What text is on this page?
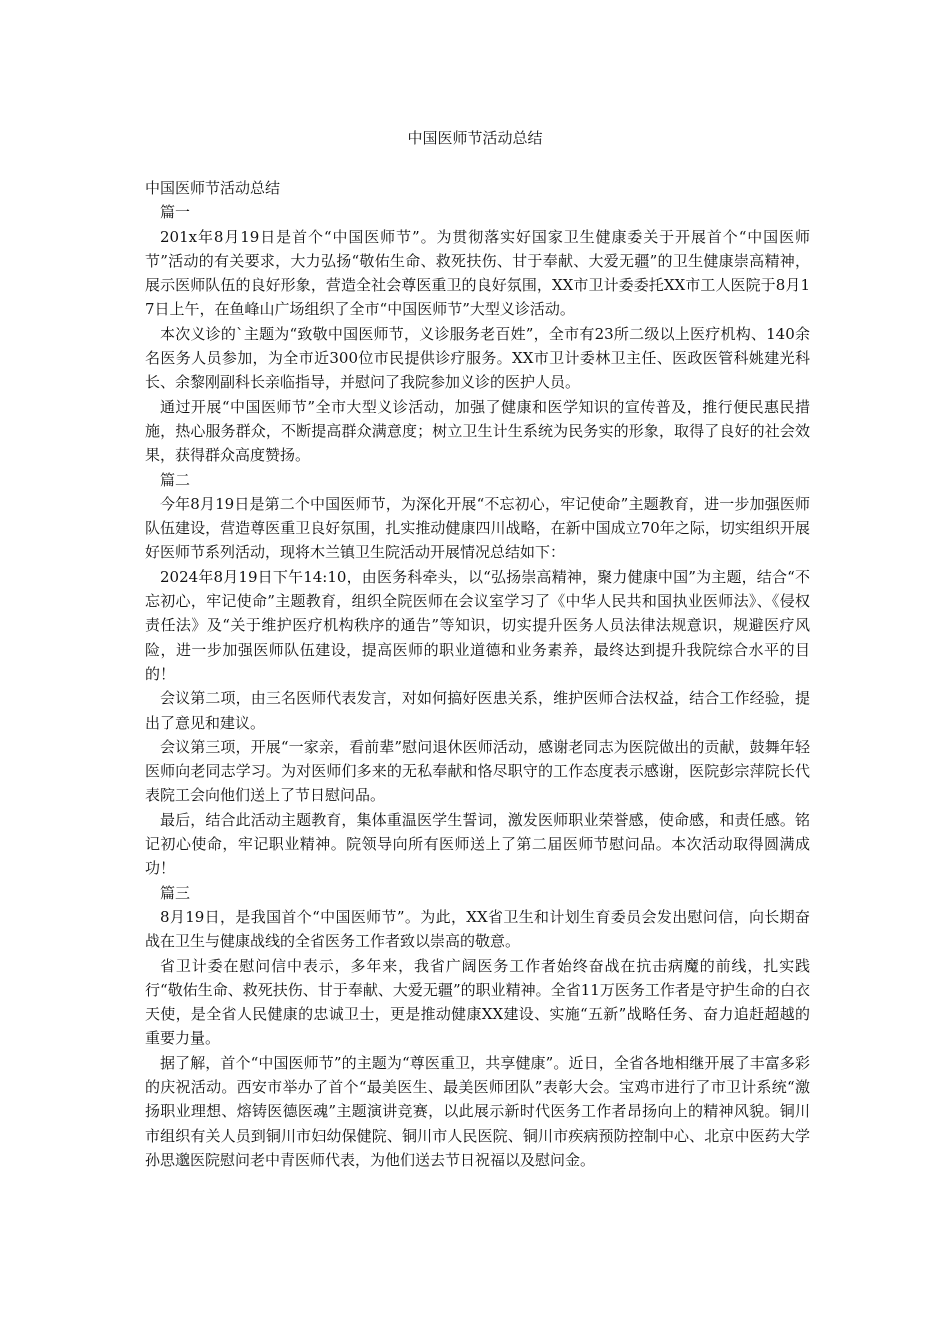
中国医师节活动总结

中国医师节活动总结

篇一

201x年8月19日是首个“中国医师节”。为贯彻落实好国家卫生健康委关于开展首个“中国医师节”活动的有关要求，大力弘扬“敬佑生命、救死扶伤、甘于奉献、大爱无疆”的卫生健康崇高精神，展示医师队伍的良好形象，营造全社会尊医重卫的良好氛围，XX市卫计委委托XX市工人医院于8月17日上午，在鱼峰山广场组织了全市“中国医师节”大型义诊活动。

本次义诊的`主题为“致敬中国医师节，义诊服务老百姓”，全市有23所二级以上医疗机构、140余名医务人员参加，为全市近300位市民提供诊疗服务。XX市卫计委林卫主任、医政医管科姚建光科长、余黎刚副科长亲临指导，并慰问了我院参加义诊的医护人员。

通过开展“中国医师节”全市大型义诊活动，加强了健康和医学知识的宣传普及，推行便民惠民措施，热心服务群众，不断提高群众满意度；树立卫生计生系统为民务实的形象，取得了良好的社会效果，获得群众高度赞扬。

篇二

今年8月19日是第二个中国医师节，为深化开展“不忘初心，牢记使命”主题教育，进一步加强医师队伍建设，营造尊医重卫良好氛围，扎实推动健康四川战略，在新中国成立70年之际，切实组织开展好医师节系列活动，现将木兰镇卫生院活动开展情况总结如下：

2024年8月19日下午14:10，由医务科牵头，以“弘扬崇高精神，聚力健康中国”为主题，结合“不忘初心，牢记使命”主题教育，组织全院医师在会议室学习了《中华人民共和国执业医师法》、《侵权责任法》及“关于维护医疗机构秩序的通告”等知识，切实提升医务人员法律法规意识，规避医疗风险，进一步加强医师队伍建设，提高医师的职业道德和业务素养，最终达到提升我院综合水平的目的！

会议第二项，由三名医师代表发言，对如何搞好医患关系，维护医师合法权益，结合工作经验，提出了意见和建议。

会议第三项，开展“一家亲，看前辈”慰问退休医师活动，感谢老同志为医院做出的贡献，鼓舞年轻医师向老同志学习。为对医师们多来的无私奉献和恪尽职守的工作态度表示感谢，医院彭宗萍院长代表院工会向他们送上了节日慰问品。

最后，结合此活动主题教育，集体重温医学生誓词，激发医师职业荣誉感，使命感，和责任感。铭记初心使命，牢记职业精神。院领导向所有医师送上了第二届医师节慰问品。本次活动取得圆满成功！

篇三

8月19日，是我国首个“中国医师节”。为此，XX省卫生和计划生育委员会发出慰问信，向长期奋战在卫生与健康战线的全省医务工作者致以崇高的敬意。

省卫计委在慰问信中表示，多年来，我省广阔医务工作者始终奋战在抗击病魔的前线，扎实践行“敬佑生命、救死扶伤、甘于奉献、大爱无疆”的职业精神。全省11万医务工作者是守护生命的白衣天使，是全省人民健康的忠诚卫士，更是推动健康XX建设、实施“五新”战略任务、奋力追赶超越的重要力量。

据了解，首个“中国医师节”的主题为“尊医重卫，共享健康”。近日，全省各地相继开展了丰富多彩的庆祝活动。西安市举办了首个“最美医生、最美医师团队”表彰大会。宝鸡市进行了市卫计系统“激扬职业理想、熔铸医德医魂”主题演讲竞赛，以此展示新时代医务工作者昂扬向上的精神风貌。铜川市组织有关人员到铜川市妇幼保健院、铜川市人民医院、铜川市疾病预防控制中心、北京中医药大学孙思邈医院慰问老中青医师代表，为他们送去节日祝福以及慰问金。
